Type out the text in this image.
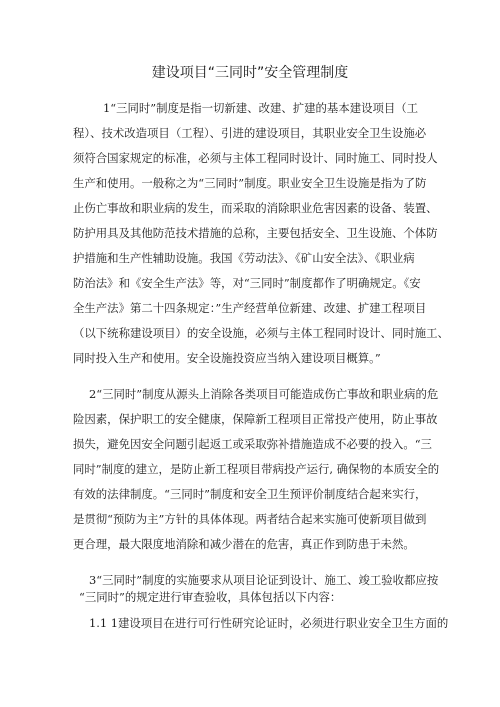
建设项目“三同时”安全管理制度
1“三同时”制度是指一切新建、改建、扩建的基本建设项目（工
程）、技术改造项目（工程）、引进的建设项目，其职业安全卫生设施必
须符合国家规定的标准，必须与主体工程同时设计、同时施工、同时投人
生产和使用。一般称之为“三同时”制度。职业安全卫生设施是指为了防
止伤亡事故和职业病的发生，而采取的消除职业危害因素的设备、装置、
防护用具及其他防范技术措施的总称，主要包括安全、卫生设施、个体防
护措施和生产性辅助设施。我国《劳动法》、《矿山安全法》、《职业病
防治法》和《安全生产法》等，对“三同时”制度都作了明确规定。《安
全生产法》第二十四条规定：”生产经营单位新建、改建、扩建工程项目
（以下统称建设项目）的安全设施，必须与主体工程同时设计、同时施工、
同时投入生产和使用。安全设施投资应当纳入建设项目概算。”
2“三同时”制度从源头上消除各类项目可能造成伤亡事故和职业病的危
险因素，保护职工的安全健康，保障新工程项目正常投产使用，防止事故
损失，避免因安全问题引起返工或采取弥补措施造成不必要的投入。“三
同时”制度的建立，是防止新工程项目带病投产运行, 确保物的本质安全的
有效的法律制度。“三同时”制度和安全卫生预评价制度结合起来实行，
是贯彻“预防为主”方针的具体体现。两者结合起来实施可使新项目做到
更合理，最大限度地消除和减少潜在的危害，真正作到防患于未然。
3“三同时”制度的实施要求从项目论证到设计、施工、竣工验收都应按
“三同时”的规定进行审查验收，具体包括以下内容：
1.1 1建设项目在进行可行性研究论证时，必须进行职业安全卫生方面的
